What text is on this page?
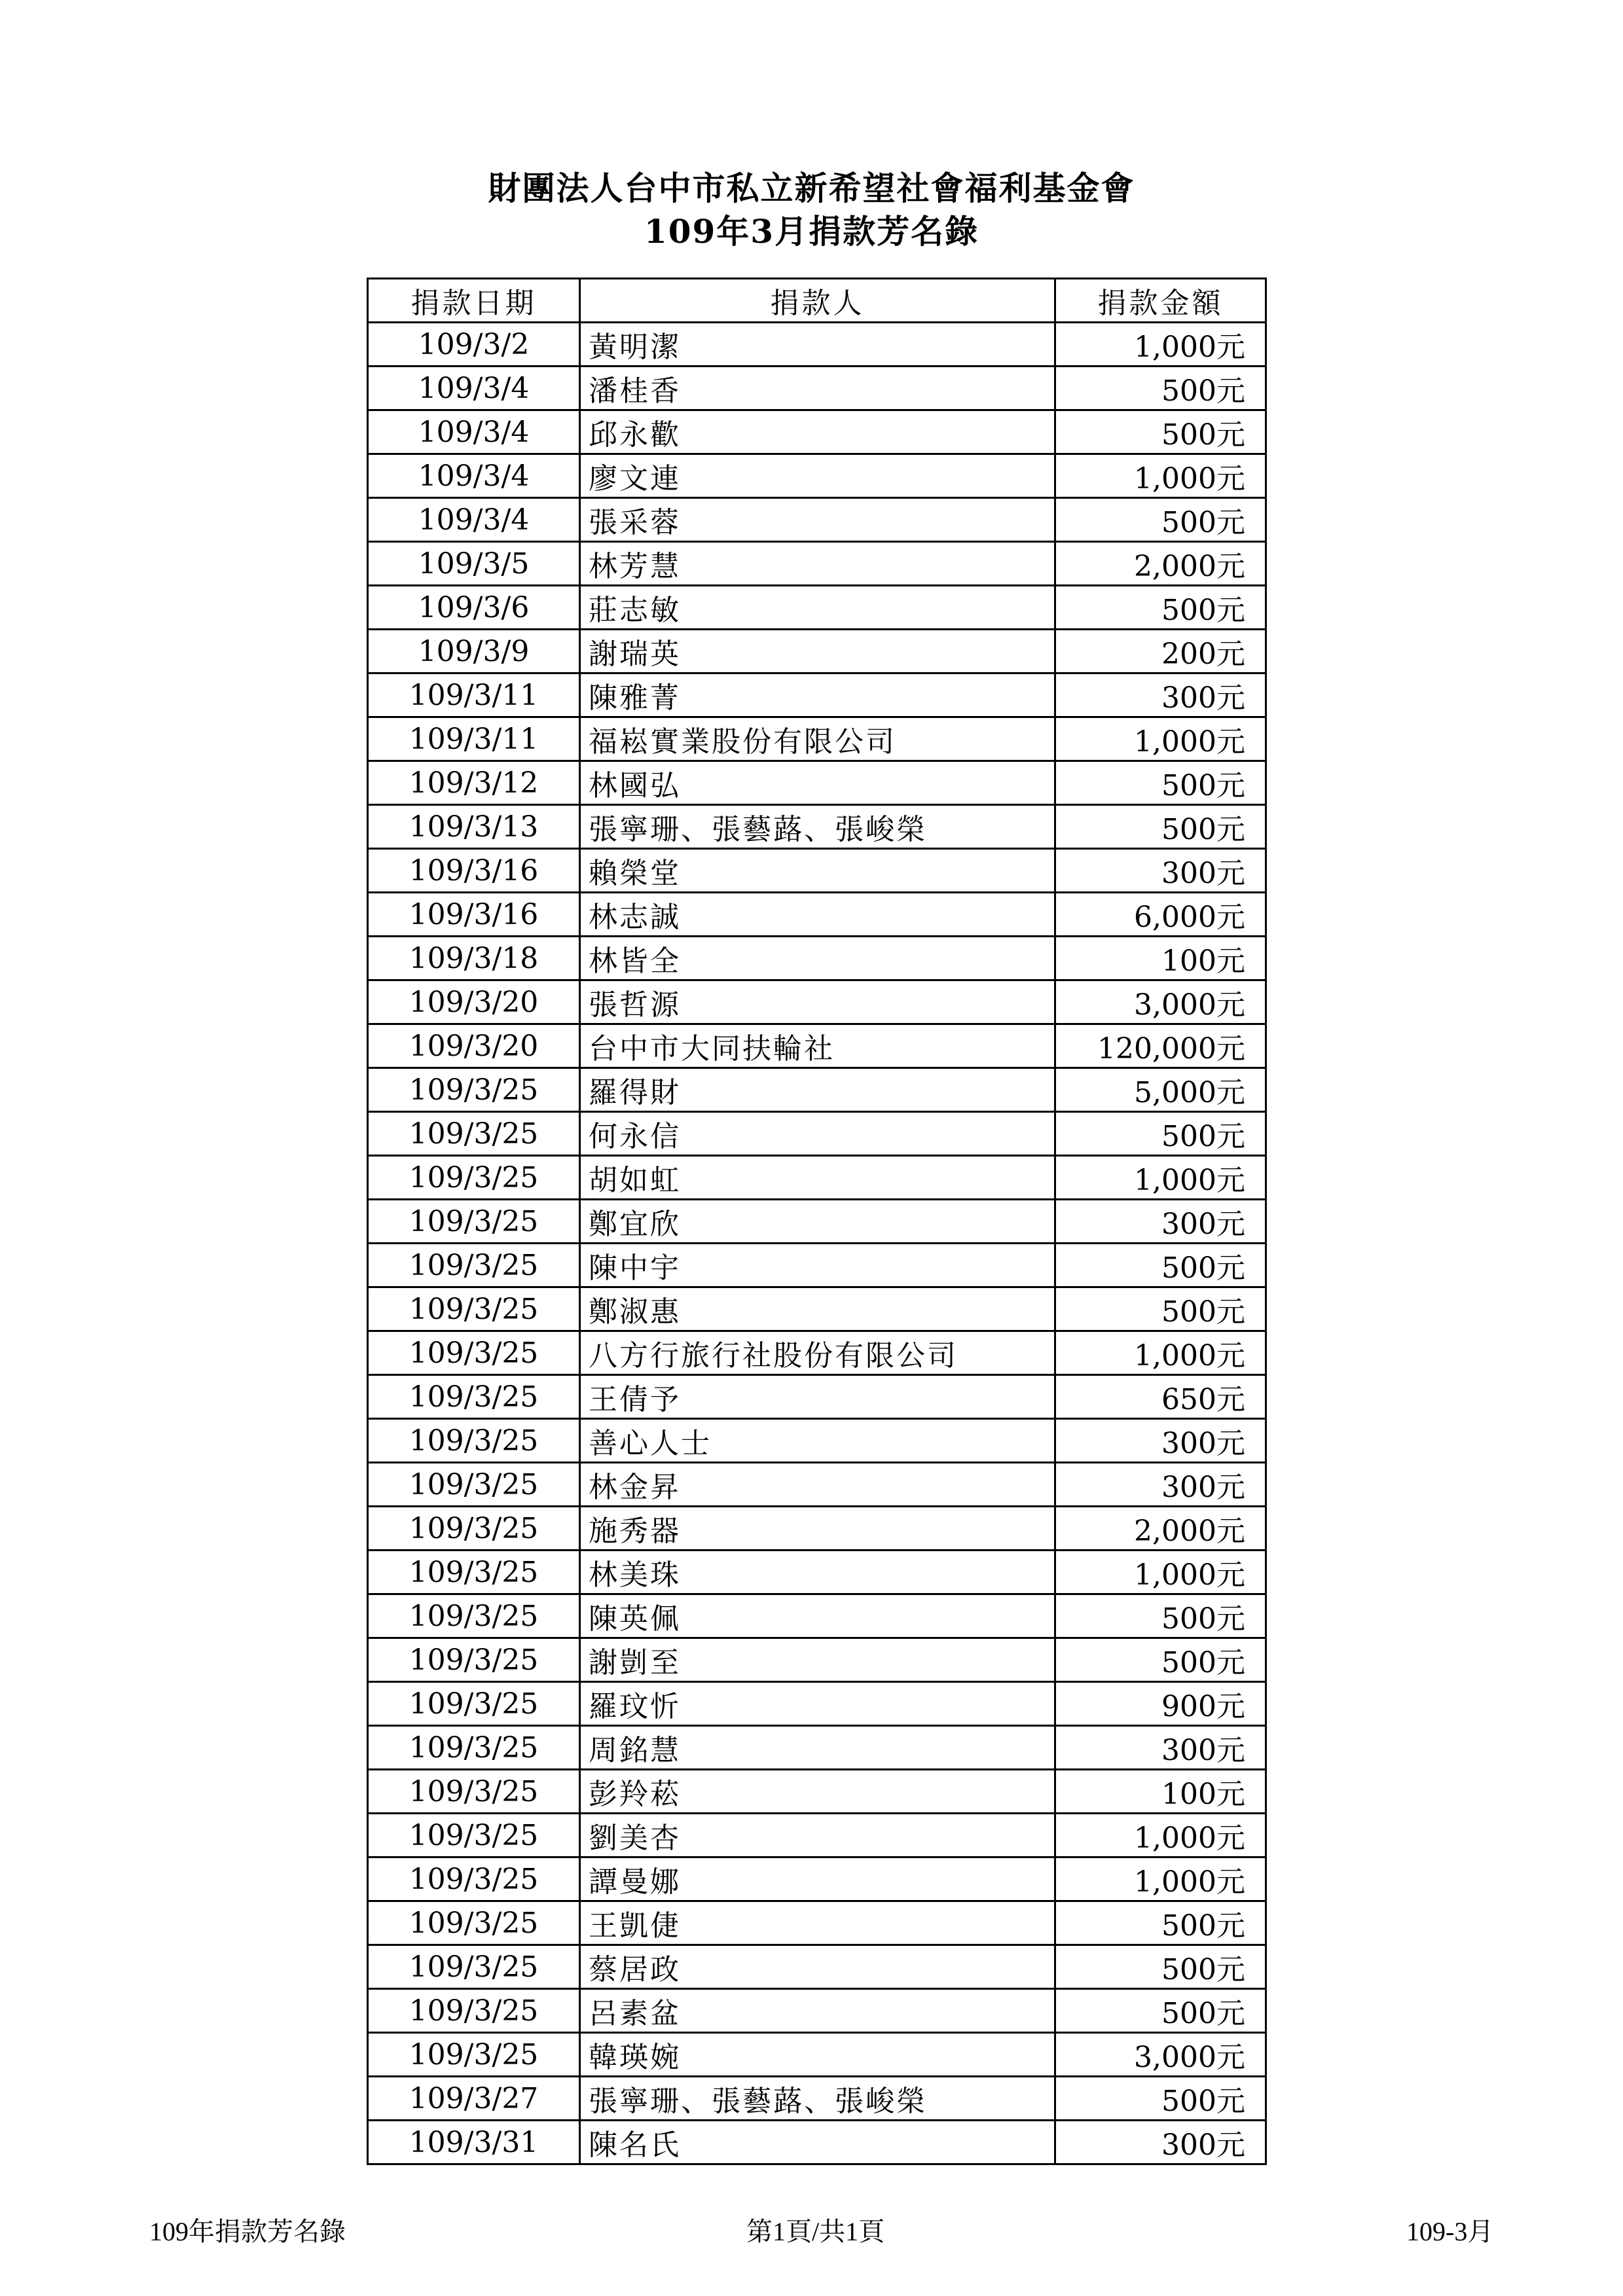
財團法人台中市私立新希望社會福利基金會
109年3月捐款芳名錄
捐款日期	捐款人	捐款金額
109/3/2	黃明潔	1,000元
109/3/4	潘桂香	500元
109/3/4	邱永歡	500元
109/3/4	廖文連	1,000元
109/3/4	張采蓉	500元
109/3/5	林芳慧	2,000元
109/3/6	莊志敏	500元
109/3/9	謝瑞英	200元
109/3/11	陳雅菁	300元
109/3/11	福崧實業股份有限公司	1,000元
109/3/12	林國弘	500元
109/3/13	張寧珊、張藝蕗、張峻榮	500元
109/3/16	賴榮堂	300元
109/3/16	林志誠	6,000元
109/3/18	林皆全	100元
109/3/20	張哲源	3,000元
109/3/20	台中市大同扶輪社	120,000元
109/3/25	羅得財	5,000元
109/3/25	何永信	500元
109/3/25	胡如虹	1,000元
109/3/25	鄭宜欣	300元
109/3/25	陳中宇	500元
109/3/25	鄭淑惠	500元
109/3/25	八方行旅行社股份有限公司	1,000元
109/3/25	王倩予	650元
109/3/25	善心人士	300元
109/3/25	林金昇	300元
109/3/25	施秀器	2,000元
109/3/25	林美珠	1,000元
109/3/25	陳英佩	500元
109/3/25	謝剴至	500元
109/3/25	羅玟忻	900元
109/3/25	周銘慧	300元
109/3/25	彭羚菘	100元
109/3/25	劉美杏	1,000元
109/3/25	譚曼娜	1,000元
109/3/25	王凱倢	500元
109/3/25	蔡居政	500元
109/3/25	呂素盆	500元
109/3/25	韓瑛婉	3,000元
109/3/27	張寧珊、張藝蕗、張峻榮	500元
109/3/31	陳名氏	300元
109年捐款芳名錄	第1頁/共1頁	109-3月
